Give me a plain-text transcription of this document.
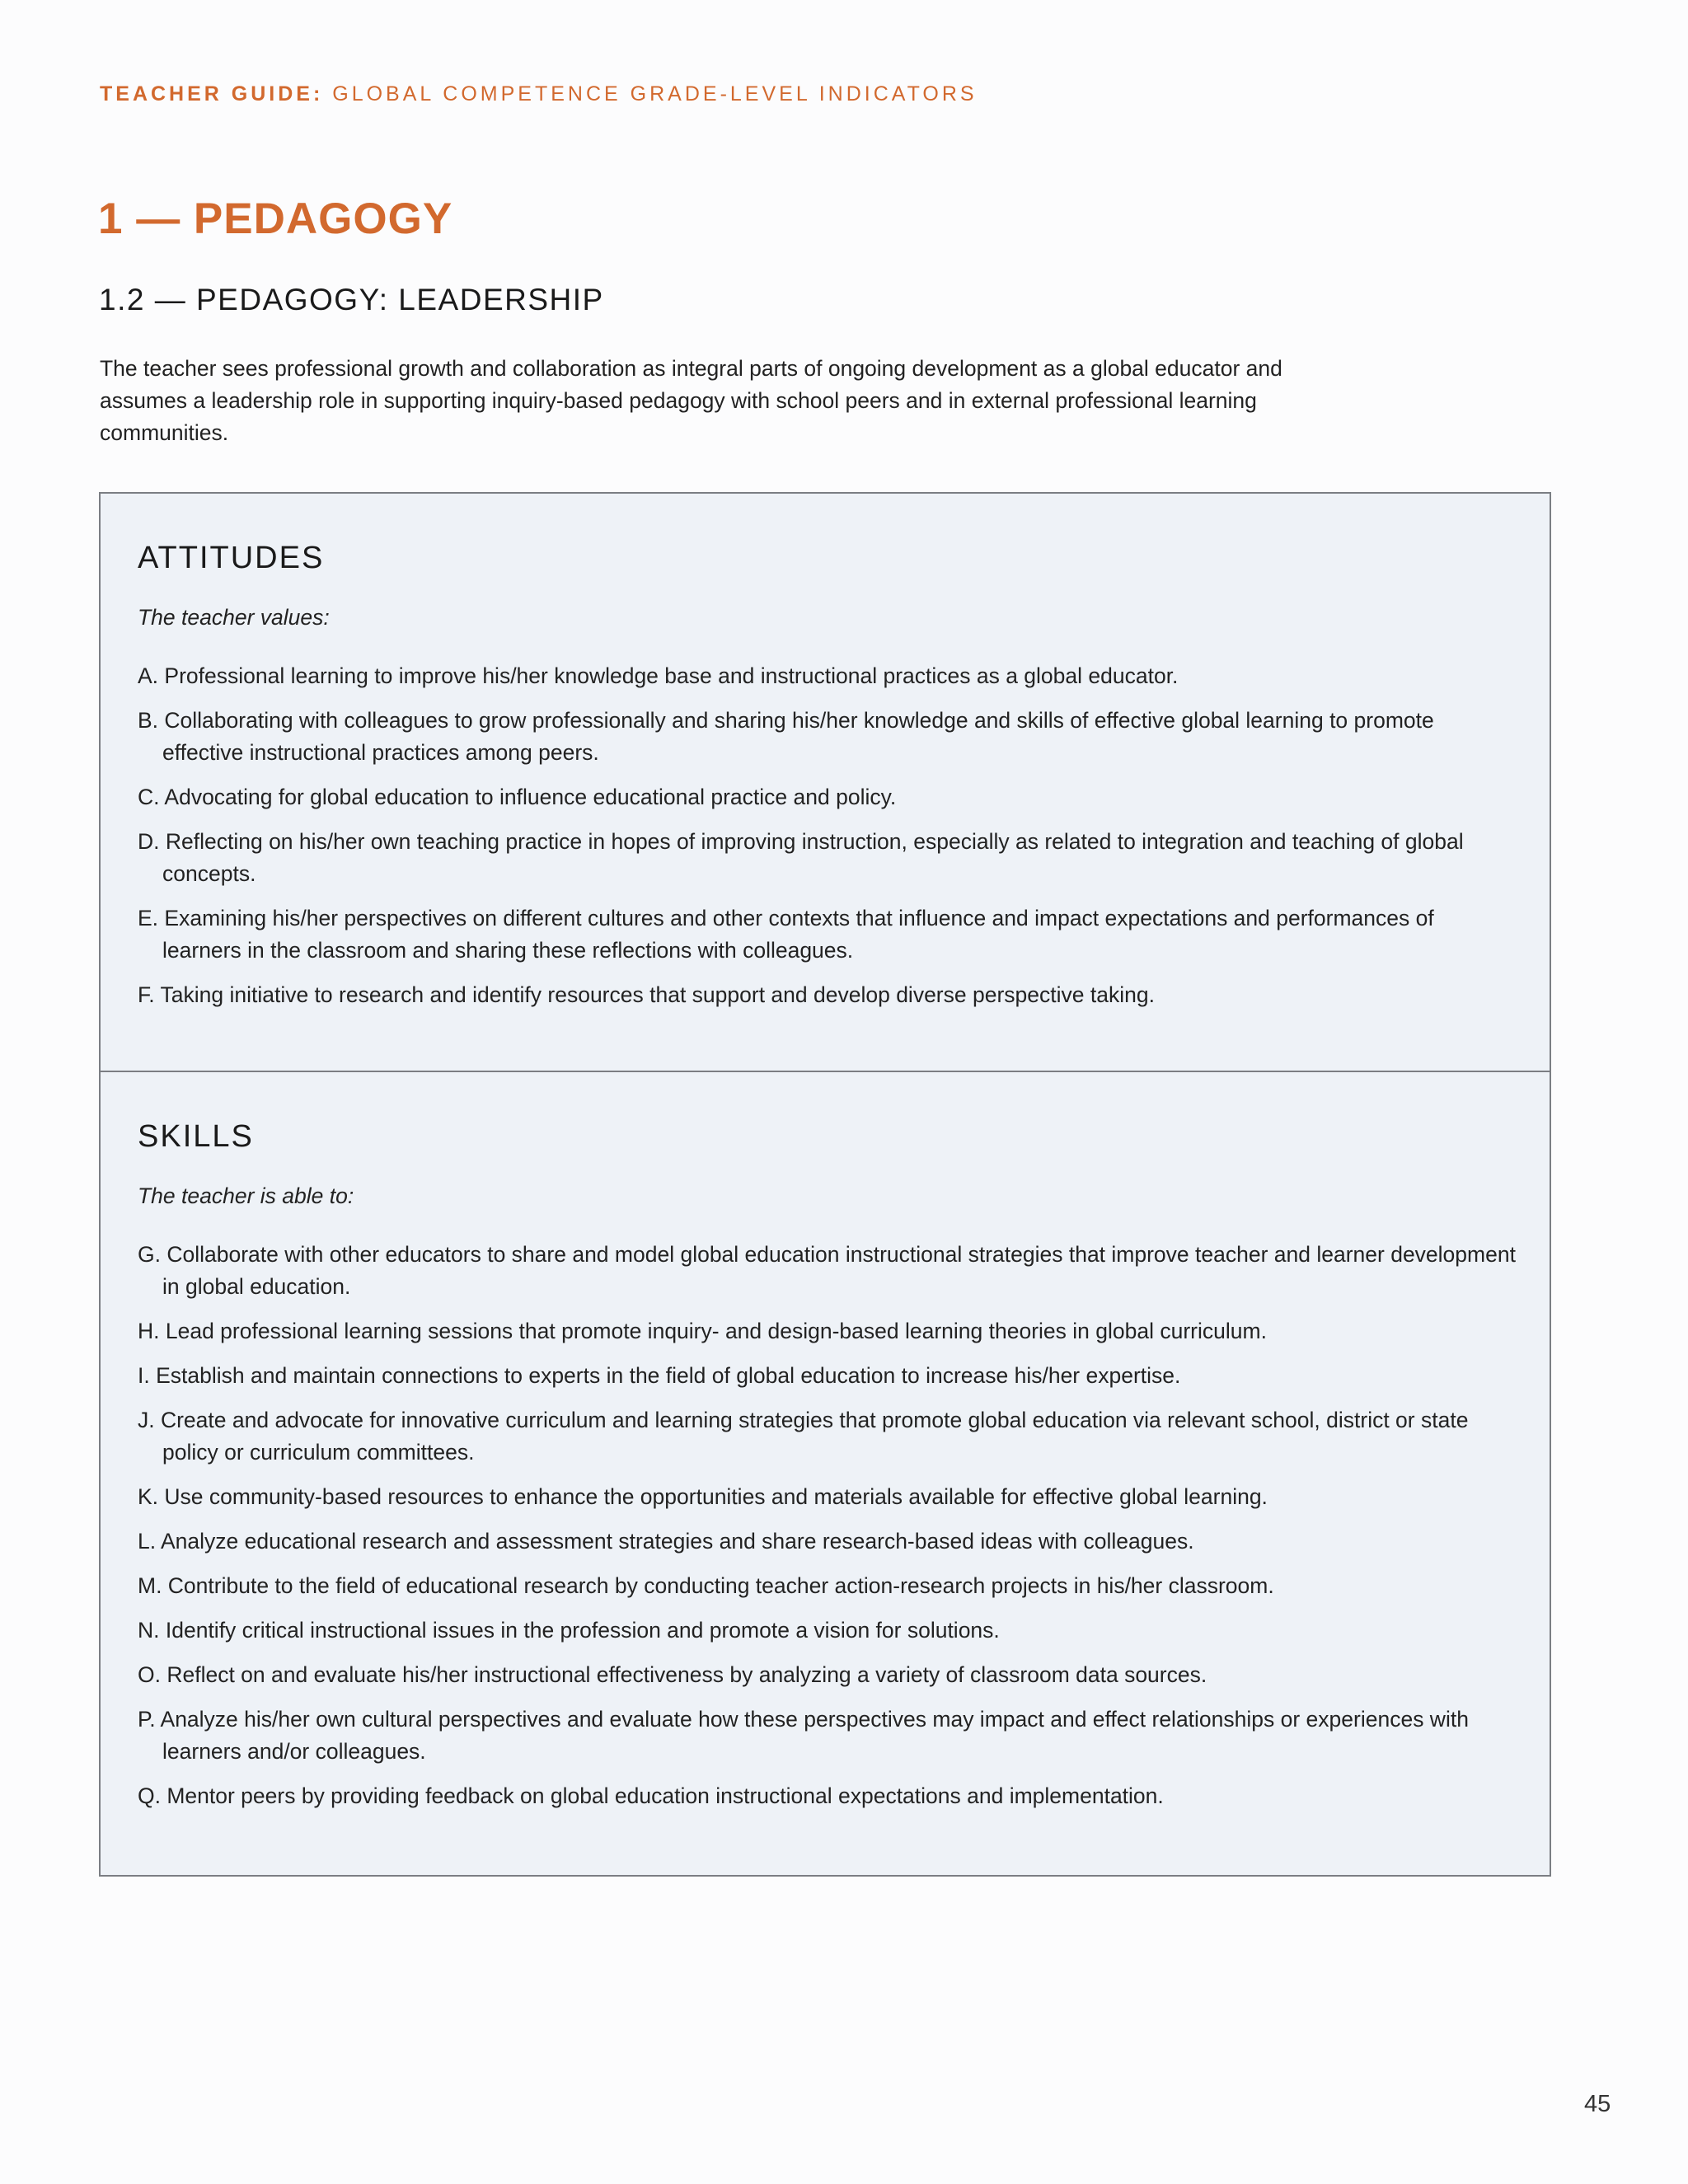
TEACHER GUIDE: GLOBAL COMPETENCE GRADE-LEVEL INDICATORS
1 — PEDAGOGY
1.2 — PEDAGOGY: LEADERSHIP

The teacher sees professional growth and collaboration as integral parts of ongoing development as a global educator and assumes a leadership role in supporting inquiry-based pedagogy with school peers and in external professional learning communities.

ATTITUDES

The teacher values:

A. Professional learning to improve his/her knowledge base and instructional practices as a global educator.
B. Collaborating with colleagues to grow professionally and sharing his/her knowledge and skills of effective global learning to promote effective instructional practices among peers.
C. Advocating for global education to influence educational practice and policy.
D. Reflecting on his/her own teaching practice in hopes of improving instruction, especially as related to integration and teaching of global concepts.
E. Examining his/her perspectives on different cultures and other contexts that influence and impact expectations and performances of learners in the classroom and sharing these reflections with colleagues.
F. Taking initiative to research and identify resources that support and develop diverse perspective taking.
SKILLS

The teacher is able to:

G. Collaborate with other educators to share and model global education instructional strategies that improve teacher and learner development in global education.
H. Lead professional learning sessions that promote inquiry- and design-based learning theories in global curriculum.
I. Establish and maintain connections to experts in the field of global education to increase his/her expertise.
J. Create and advocate for innovative curriculum and learning strategies that promote global education via relevant school, district or state policy or curriculum committees.
K. Use community-based resources to enhance the opportunities and materials available for effective global learning.
L. Analyze educational research and assessment strategies and share research-based ideas with colleagues.
M. Contribute to the field of educational research by conducting teacher action-research projects in his/her classroom.
N. Identify critical instructional issues in the profession and promote a vision for solutions.
O. Reflect on and evaluate his/her instructional effectiveness by analyzing a variety of classroom data sources.
P. Analyze his/her own cultural perspectives and evaluate how these perspectives may impact and effect relationships or experiences with learners and/or colleagues.
Q. Mentor peers by providing feedback on global education instructional expectations and implementation.
45
